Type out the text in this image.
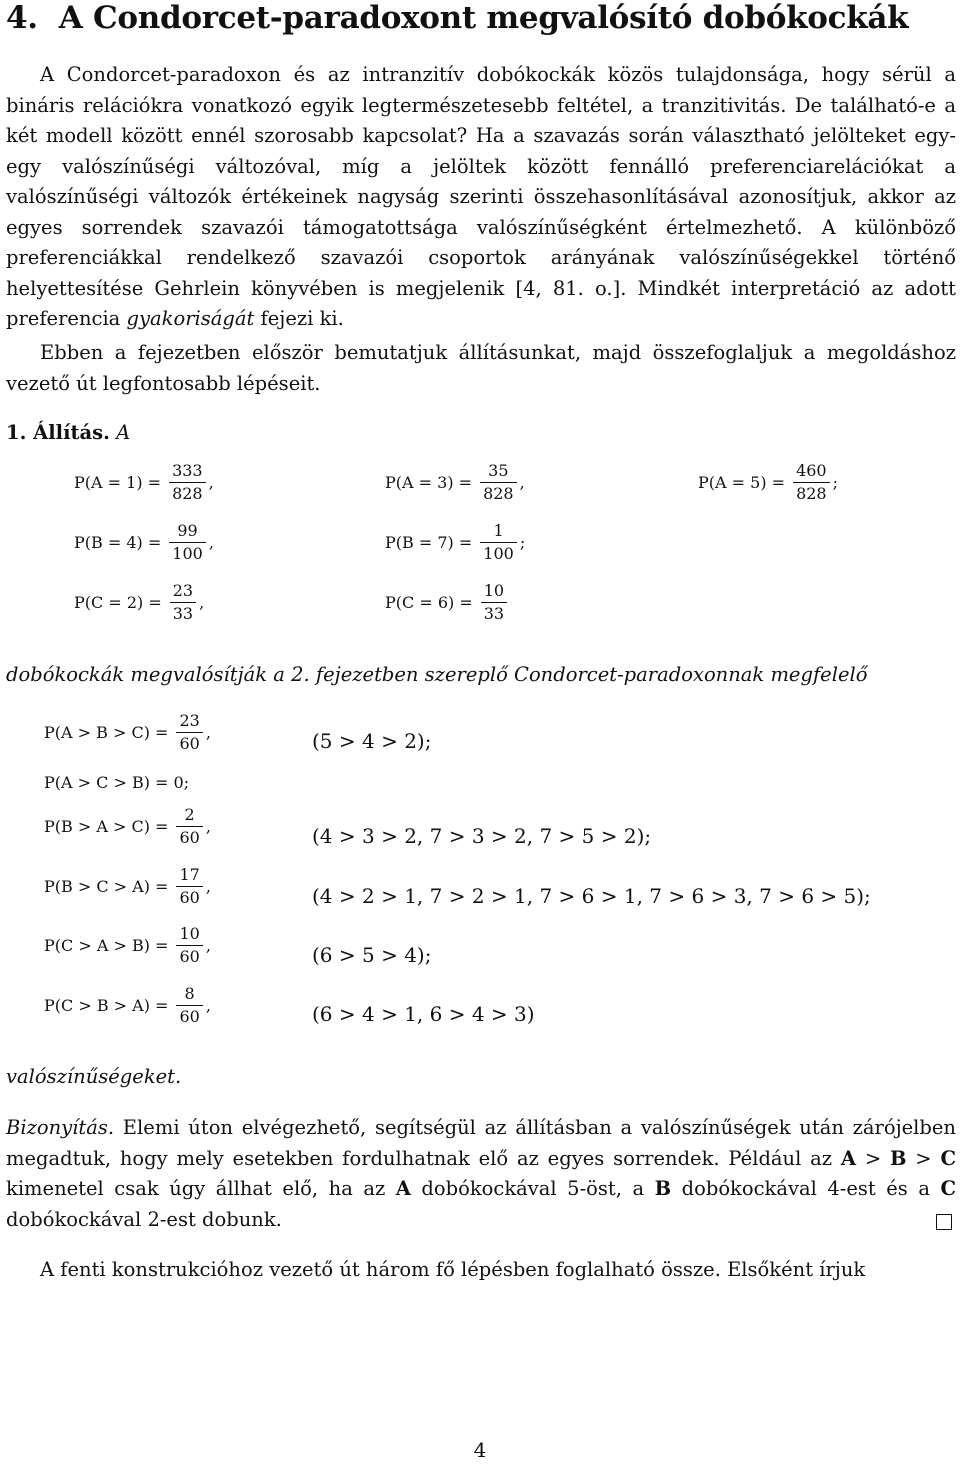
4. A Condorcet-paradoxont megvalósító dobókockák

A Condorcet-paradoxon és az intranzitív dobókockák közös tulajdonsága, hogy sérül a bináris relációkra vonatkozó egyik legtermészetesebb feltétel, a tranzitivitás. De található-e a két modell között ennél szorosabb kapcsolat? Ha a szavazás során választható jelölteket egy-egy valószínűségi változóval, míg a jelöltek között fennálló preferenciarelációkat a valószínűségi változók értékeinek nagyság szerinti összehasonlításával azonosítjuk, akkor az egyes sorrendek szavazói támogatottsága valószínűségként értelmezhető. A különböző preferenciákkal rendelkező szavazói csoportok arányának valószínűségekkel történő helyettesítése Gehrlein könyvében is megjelenik [4, 81. o.]. Mindkét interpretáció az adott preferencia gyakoriságát fejezi ki.

Ebben a fejezetben először bemutatjuk állításunkat, majd összefoglaljuk a megoldáshoz vezető út legfontosabb lépéseit.

1. Állítás. A

$P(A = 1) = \frac{333}{828}$ ,	$P(A = 3) = \frac{35}{828}$ ,	$P(A = 5) = \frac{460}{828}$ ;
$P(B = 4) = \frac{99}{100}$ ,	$P(B = 7) = \frac{1}{100}$ ;
$P(C = 2) = \frac{23}{33}$ ,	$P(C = 6) = \frac{10}{33}$

dobókockák megvalósítják a 2. fejezetben szereplő Condorcet-paradoxonnak megfelelő

$P(A > B > C) = \frac{23}{60}$ ,	(5 > 4 > 2);
P(A > C > B) = 0;
$P(B > A > C) = \frac{2}{60}$ ,	(4 > 3 > 2, 7 > 3 > 2, 7 > 5 > 2);
$P(B > C > A) = \frac{17}{60}$ ,	(4 > 2 > 1, 7 > 2 > 1, 7 > 6 > 1, 7 > 6 > 3, 7 > 6 > 5);
$P(C > A > B) = \frac{10}{60}$ ,	(6 > 5 > 4);
$P(C > B > A) = \frac{8}{60}$ ,	(6 > 4 > 1, 6 > 4 > 3)

valószínűségeket.

Bizonyítás. Elemi úton elvégezhető, segítségül az állításban a valószínűségek után zárójelben megadtuk, hogy mely esetekben fordulhatnak elő az egyes sorrendek. Például az A > B > C kimenetel csak úgy állhat elő, ha az A dobókockával 5-öst, a B dobókockával 4-est és a C dobókockával 2-est dobunk.

A fenti konstrukcióhoz vezető út három fő lépésben foglalható össze. Elsőként írjuk

4
